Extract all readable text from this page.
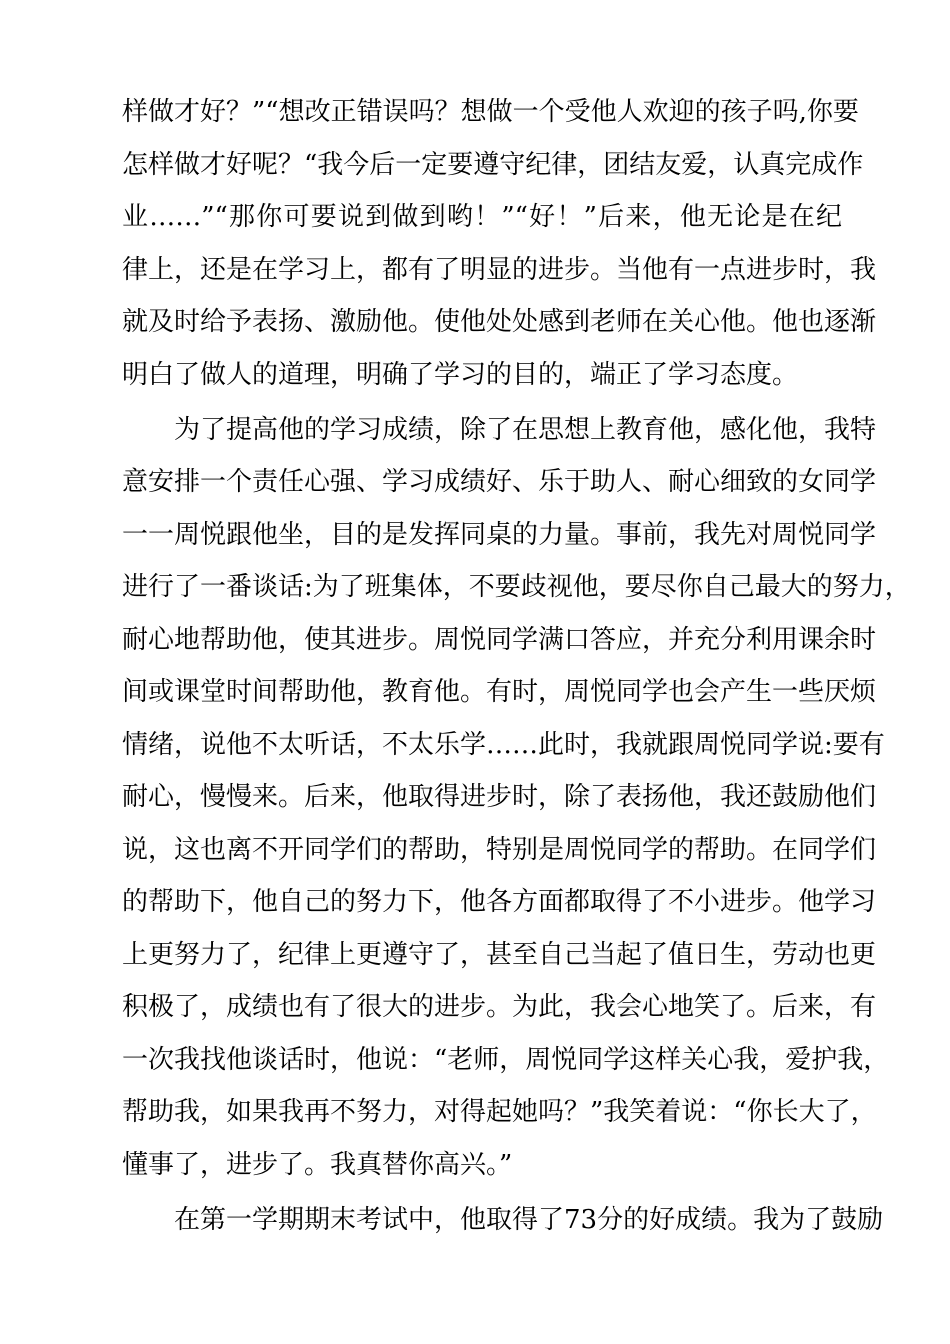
样做才好？”“想改正错误吗？想做一个受他人欢迎的孩子吗,你要
怎样做才好呢？“我今后一定要遵守纪律，团结友爱，认真完成作
业……”“那你可要说到做到哟！”“好！”后来，他无论是在纪
律上，还是在学习上，都有了明显的进步。当他有一点进步时，我
就及时给予表扬、激励他。使他处处感到老师在关心他。他也逐渐
明白了做人的道理，明确了学习的目的，端正了学习态度。
为了提高他的学习成绩，除了在思想上教育他，感化他，我特
意安排一个责任心强、学习成绩好、乐于助人、耐心细致的女同学
一一周悦跟他坐，目的是发挥同桌的力量。事前，我先对周悦同学
进行了一番谈话:为了班集体，不要歧视他，要尽你自己最大的努力，
耐心地帮助他，使其进步。周悦同学满口答应，并充分利用课余时
间或课堂时间帮助他，教育他。有时，周悦同学也会产生一些厌烦
情绪，说他不太听话，不太乐学……此时，我就跟周悦同学说:要有
耐心，慢慢来。后来，他取得进步时，除了表扬他，我还鼓励他们
说，这也离不开同学们的帮助，特别是周悦同学的帮助。在同学们
的帮助下，他自己的努力下，他各方面都取得了不小进步。他学习
上更努力了，纪律上更遵守了，甚至自己当起了值日生，劳动也更
积极了，成绩也有了很大的进步。为此，我会心地笑了。后来，有
一次我找他谈话时，他说：“老师，周悦同学这样关心我，爱护我，
帮助我，如果我再不努力，对得起她吗？”我笑着说：“你长大了，
懂事了，进步了。我真替你高兴。”
在第一学期期末考试中，他取得了73分的好成绩。我为了鼓励
